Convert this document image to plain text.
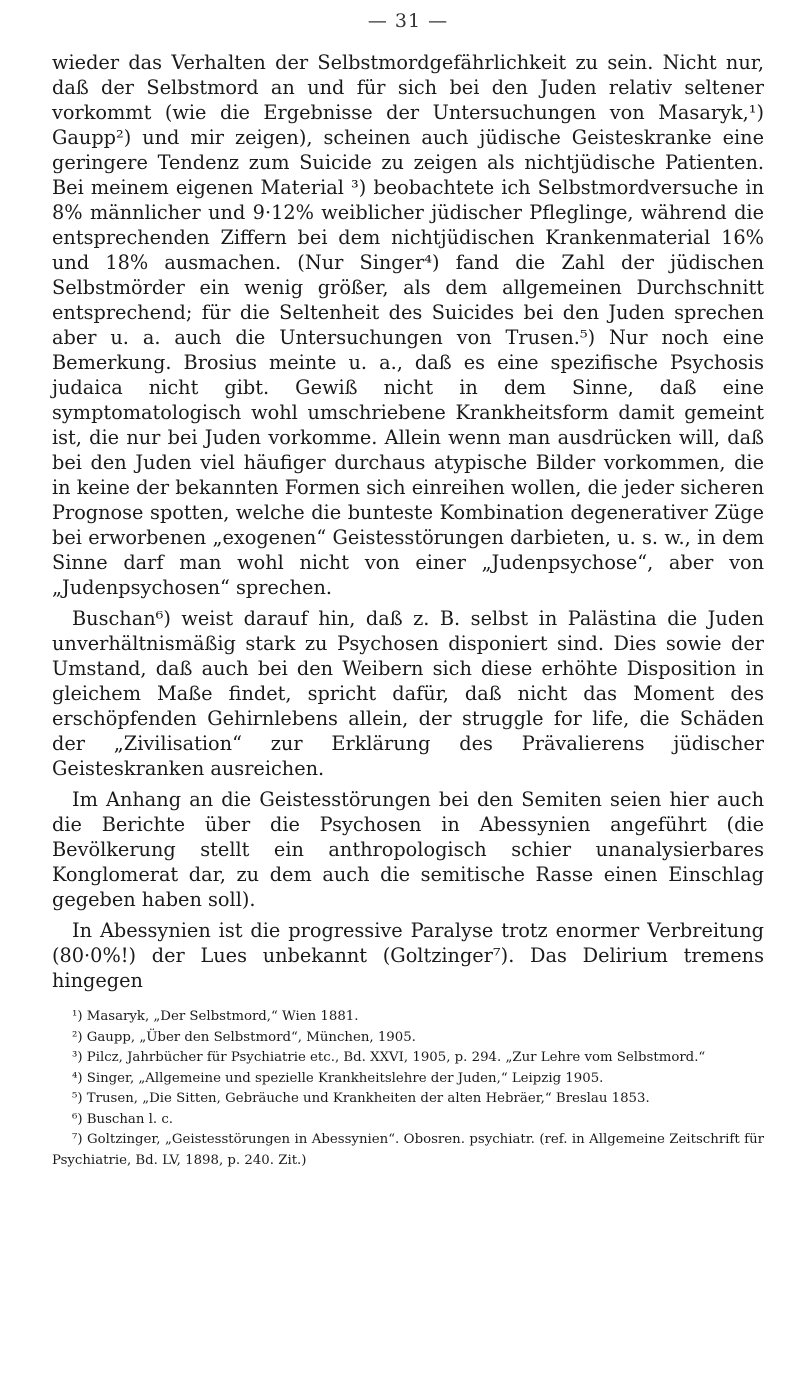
— 31 —

wieder das Verhalten der Selbstmordgefährlichkeit zu sein. Nicht nur, daß der Selbstmord an und für sich bei den Juden relativ seltener vorkommt (wie die Ergebnisse der Untersuchungen von Masaryk,¹) Gaupp²) und mir zeigen), scheinen auch jüdische Geisteskranke eine geringere Tendenz zum Suicide zu zeigen als nichtjüdische Patienten. Bei meinem eigenen Material ³) beobachtete ich Selbstmordversuche in 8% männlicher und 9·12% weiblicher jüdischer Pfleglinge, während die entsprechenden Ziffern bei dem nichtjüdischen Krankenmaterial 16% und 18% ausmachen. (Nur Singer⁴) fand die Zahl der jüdischen Selbstmörder ein wenig größer, als dem allgemeinen Durchschnitt entsprechend; für die Seltenheit des Suicides bei den Juden sprechen aber u. a. auch die Untersuchungen von Trusen.⁵) Nur noch eine Bemerkung. Brosius meinte u. a., daß es eine spezifische Psychosis judaica nicht gibt. Gewiß nicht in dem Sinne, daß eine symptomatologisch wohl umschriebene Krankheitsform damit gemeint ist, die nur bei Juden vorkomme. Allein wenn man ausdrücken will, daß bei den Juden viel häufiger durchaus atypische Bilder vorkommen, die in keine der bekannten Formen sich einreihen wollen, die jeder sicheren Prognose spotten, welche die bunteste Kombination degenerativer Züge bei erworbenen „exogenen“ Geistesstörungen darbieten, u. s. w., in dem Sinne darf man wohl nicht von einer „Judenpsychose“, aber von „Judenpsychosen“ sprechen.

Buschan⁶) weist darauf hin, daß z. B. selbst in Palästina die Juden unverhältnismäßig stark zu Psychosen disponiert sind. Dies sowie der Umstand, daß auch bei den Weibern sich diese erhöhte Disposition in gleichem Maße findet, spricht dafür, daß nicht das Moment des erschöpfenden Gehirnlebens allein, der struggle for life, die Schäden der „Zivilisation“ zur Erklärung des Prävalierens jüdischer Geisteskranken ausreichen.

Im Anhang an die Geistesstörungen bei den Semiten seien hier auch die Berichte über die Psychosen in Abessynien angeführt (die Bevölkerung stellt ein anthropologisch schier unanalysierbares Konglomerat dar, zu dem auch die semitische Rasse einen Einschlag gegeben haben soll).

In Abessynien ist die progressive Paralyse trotz enormer Verbreitung (80·0%!) der Lues unbekannt (Goltzinger⁷). Das Delirium tremens hingegen

¹) Masaryk, „Der Selbstmord,“ Wien 1881.

²) Gaupp, „Über den Selbstmord“, München, 1905.

³) Pilcz, Jahrbücher für Psychiatrie etc., Bd. XXVI, 1905, p. 294. „Zur Lehre vom Selbstmord.“

⁴) Singer, „Allgemeine und spezielle Krankheitslehre der Juden,“ Leipzig 1905.

⁵) Trusen, „Die Sitten, Gebräuche und Krankheiten der alten Hebräer,“ Breslau 1853.

⁶) Buschan l. c.

⁷) Goltzinger, „Geistesstörungen in Abessynien“. Obosren. psychiatr. (ref. in Allgemeine Zeitschrift für Psychiatrie, Bd. LV, 1898, p. 240. Zit.)
